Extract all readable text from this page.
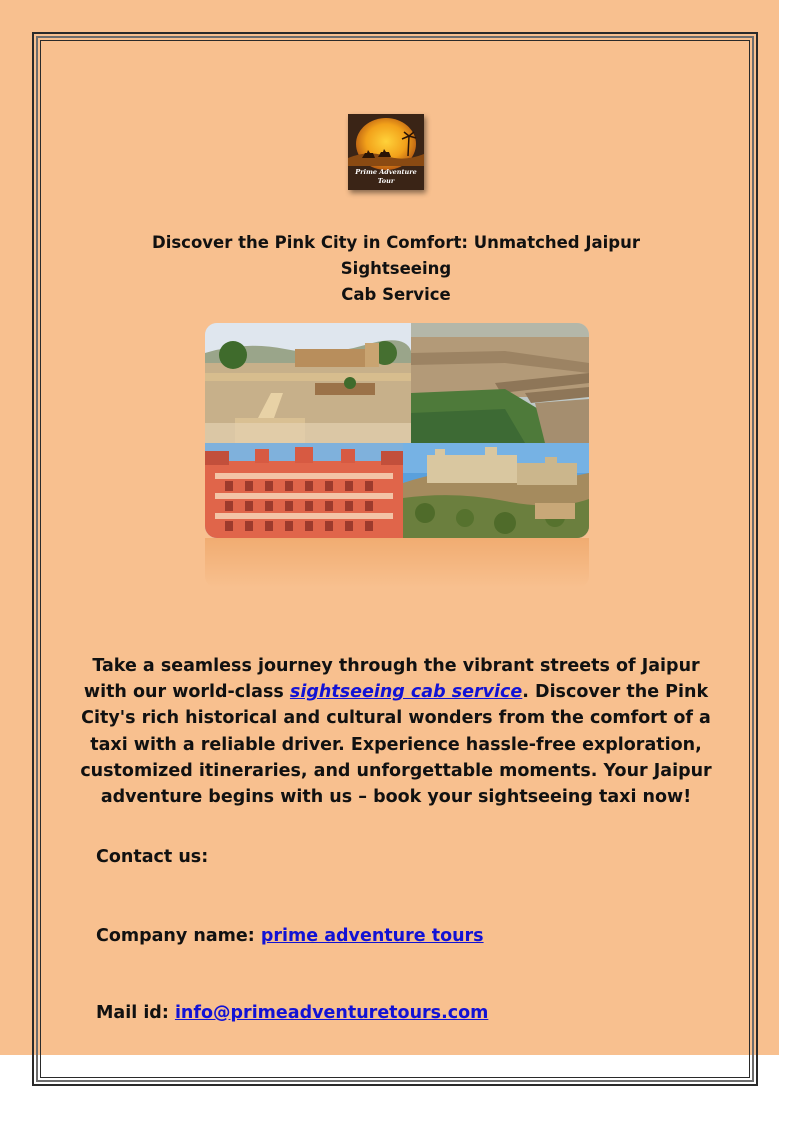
Prime Adventure
Tour
Discover the Pink City in Comfort: Unmatched Jaipur Sightseeing
Cab Service
Take a seamless journey through the vibrant streets of Jaipur with our world-class sightseeing cab service. Discover the Pink City's rich historical and cultural wonders from the comfort of a taxi with a reliable driver. Experience hassle-free exploration, customized itineraries, and unforgettable moments. Your Jaipur adventure begins with us – book your sightseeing taxi now!
Contact us:
Company name: prime adventure tours
Mail id: info@primeadventuretours.com
